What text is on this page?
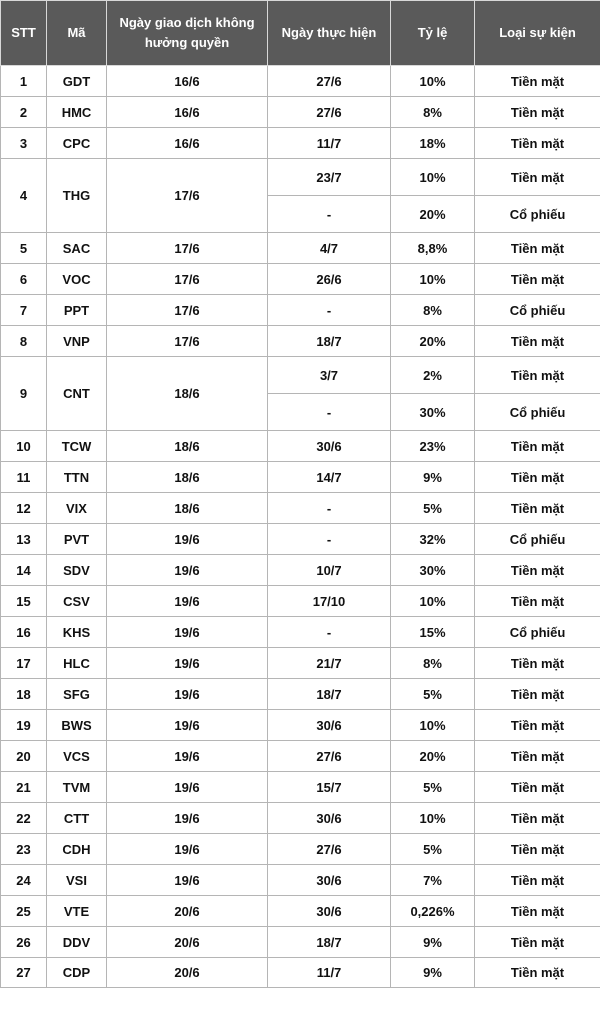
STT	Mã	Ngày giao dịch không hưởng quyền	Ngày thực hiện	Tỷ lệ	Loại sự kiện
1	GDT	16/6	27/6	10%	Tiền mặt
2	HMC	16/6	27/6	8%	Tiền mặt
3	CPC	16/6	11/7	18%	Tiền mặt
4	THG	17/6	23/7	10%	Tiền mặt
			-	20%	Cổ phiếu
5	SAC	17/6	4/7	8,8%	Tiền mặt
6	VOC	17/6	26/6	10%	Tiền mặt
7	PPT	17/6	-	8%	Cổ phiếu
8	VNP	17/6	18/7	20%	Tiền mặt
9	CNT	18/6	3/7	2%	Tiền mặt
			-	30%	Cổ phiếu
10	TCW	18/6	30/6	23%	Tiền mặt
11	TTN	18/6	14/7	9%	Tiền mặt
12	VIX	18/6	-	5%	Tiền mặt
13	PVT	19/6	-	32%	Cổ phiếu
14	SDV	19/6	10/7	30%	Tiền mặt
15	CSV	19/6	17/10	10%	Tiền mặt
16	KHS	19/6	-	15%	Cổ phiếu
17	HLC	19/6	21/7	8%	Tiền mặt
18	SFG	19/6	18/7	5%	Tiền mặt
19	BWS	19/6	30/6	10%	Tiền mặt
20	VCS	19/6	27/6	20%	Tiền mặt
21	TVM	19/6	15/7	5%	Tiền mặt
22	CTT	19/6	30/6	10%	Tiền mặt
23	CDH	19/6	27/6	5%	Tiền mặt
24	VSI	19/6	30/6	7%	Tiền mặt
25	VTE	20/6	30/6	0,226%	Tiền mặt
26	DDV	20/6	18/7	9%	Tiền mặt
27	CDP	20/6	11/7	9%	Tiền mặt
